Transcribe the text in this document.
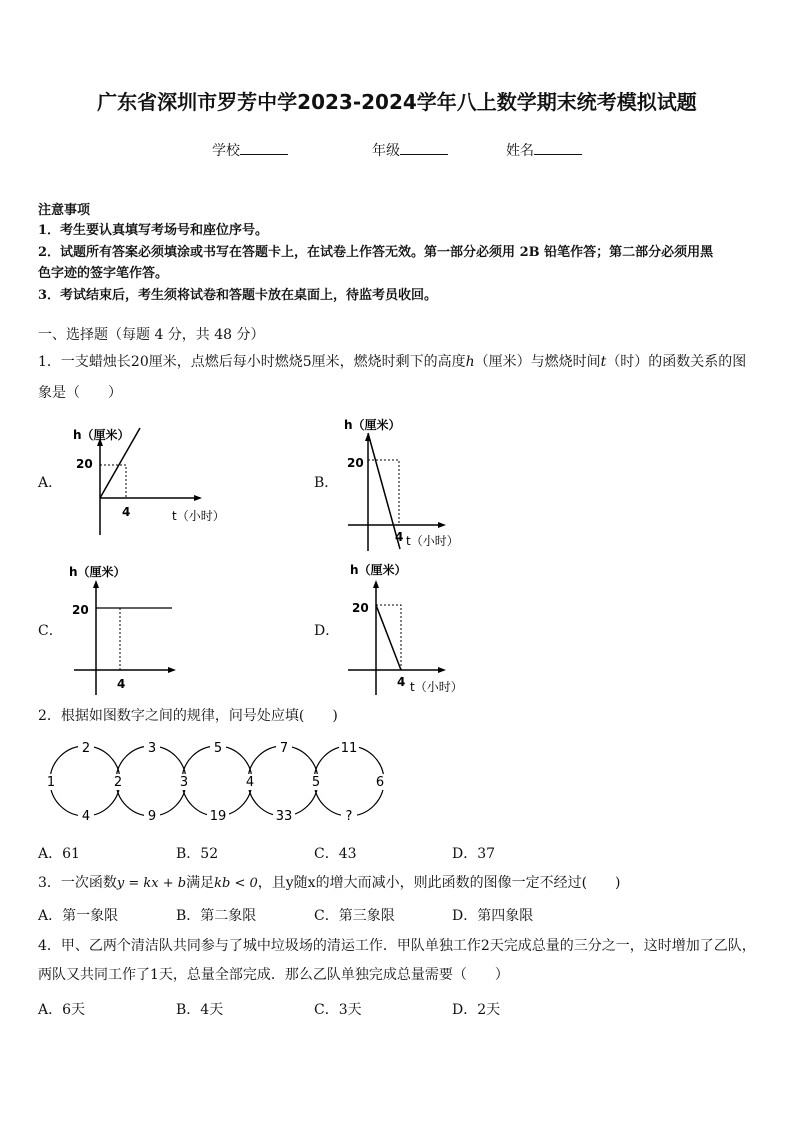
广东省深圳市罗芳中学2023-2024学年八上数学期末统考模拟试题
学校	年级	姓名
注意事项
1．考生要认真填写考场号和座位序号。
2．试题所有答案必须填涂或书写在答题卡上，在试卷上作答无效。第一部分必须用 2B 铅笔作答；第二部分必须用黑
色字迹的签字笔作答。
3．考试结束后，考生须将试卷和答题卡放在桌面上，待监考员收回。
一、选择题（每题 4 分，共 48 分）
1．一支蜡烛长20厘米，点燃后每小时燃烧5厘米，燃烧时剩下的高度h（厘米）与燃烧时间t（时）的函数关系的图
象是（　　）
A．	B．
C．	D．
h（厘米）
20
4	t（小时）
h（厘米）
20
4 t（小时）
h（厘米）
20
4
h（厘米）
20
4 t（小时）
2．根据如图数字之间的规律，问号处应填(　　)
1	2	3	4	5	6
2	3	5	7	11
4	9	19	33	?
A．61	B．52	C．43	D．37
3．一次函数y = kx + b满足kb < 0，且y随x的增大而减小，则此函数的图像一定不经过(　　)
A．第一象限	B．第二象限	C．第三象限	D．第四象限
4．甲、乙两个清洁队共同参与了城中垃圾场的清运工作．甲队单独工作2天完成总量的三分之一，这时增加了乙队，
两队又共同工作了1天，总量全部完成．那么乙队单独完成总量需要（　　）
A．6天	B．4天	C．3天	D．2天
